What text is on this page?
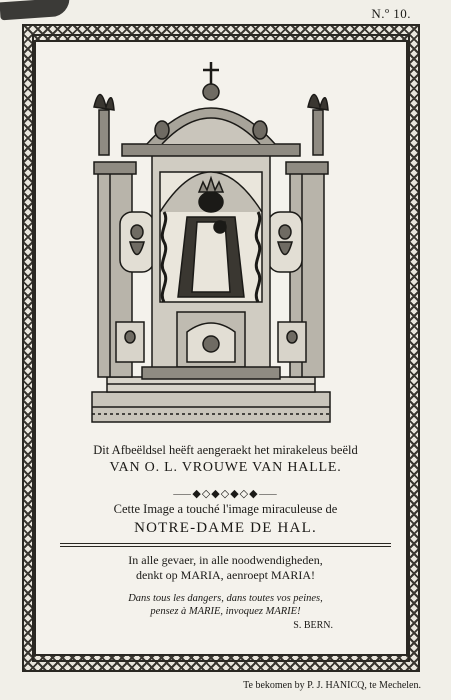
N.º 10.
Dit Afbeëldsel heëft aengeraekt het mirakeleus beëld
VAN O. L. VROUWE VAN HALLE.
⸺◆◇◆◇◆◇◆⸺
Cette Image a touché l'image miraculeuse de
NOTRE-DAME DE HAL.
In alle gevaer, in alle noodwendigheden,
denkt op MARIA, aenroept MARIA!
Dans tous les dangers, dans toutes vos peines,
pensez à MARIE, invoquez MARIE!
S. BERN.
Te bekomen by P. J. HANICQ, te Mechelen.
